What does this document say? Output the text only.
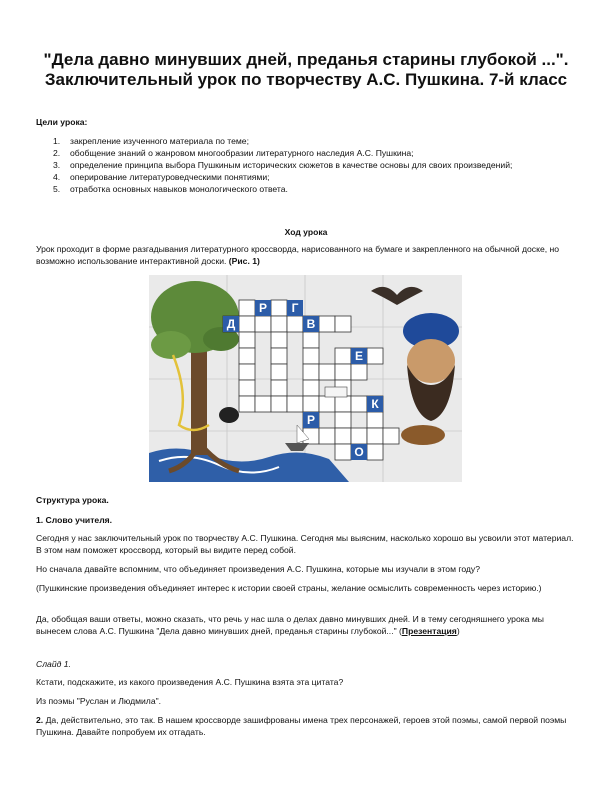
"Дела давно минувших дней, преданья старины глубокой ...". Заключительный урок по творчеству А.С. Пушкина. 7-й класс

Цели урока:

1. закрепление изученного материала по теме;
2. обобщение знаний о жанровом многообразии литературного наследия А.С. Пушкина;
3. определение принципа выбора Пушкиным исторических сюжетов в качестве основы для своих произведений;
4. оперирование литературоведческими понятиями;
5. отработка основных навыков монологического ответа.

Ход урока

Урок проходит в форме разгадывания литературного кроссворда, нарисованного на бумаге и закрепленного на обычной доске, но возможно использование интерактивной доски. (Рис. 1)

Д
Р Г
В
Е
К
Р
О

Структура урока.

1. Слово учителя.

Сегодня у нас заключительный урок по творчеству А.С. Пушкина. Сегодня мы выясним, насколько хорошо вы усвоили этот материал. В этом нам поможет кроссворд, который вы видите перед собой.

Но сначала давайте вспомним, что объединяет произведения А.С. Пушкина, которые мы изучали в этом году?

(Пушкинские произведения объединяет интерес к истории своей страны, желание осмыслить современность через историю.)

Да, обобщая ваши ответы, можно сказать, что речь у нас шла о делах давно минувших дней. И в тему сегодняшнего урока мы вынесем слова А.С. Пушкина "Дела давно минувших дней, преданья старины глубокой..." (Презентация)

Слайд 1.

Кстати, подскажите, из какого произведения А.С. Пушкина взята эта цитата?

Из поэмы "Руслан и Людмила".

2. Да, действительно, это так. В нашем кроссворде зашифрованы имена трех персонажей, героев этой поэмы, самой первой поэмы Пушкина. Давайте попробуем их отгадать.
